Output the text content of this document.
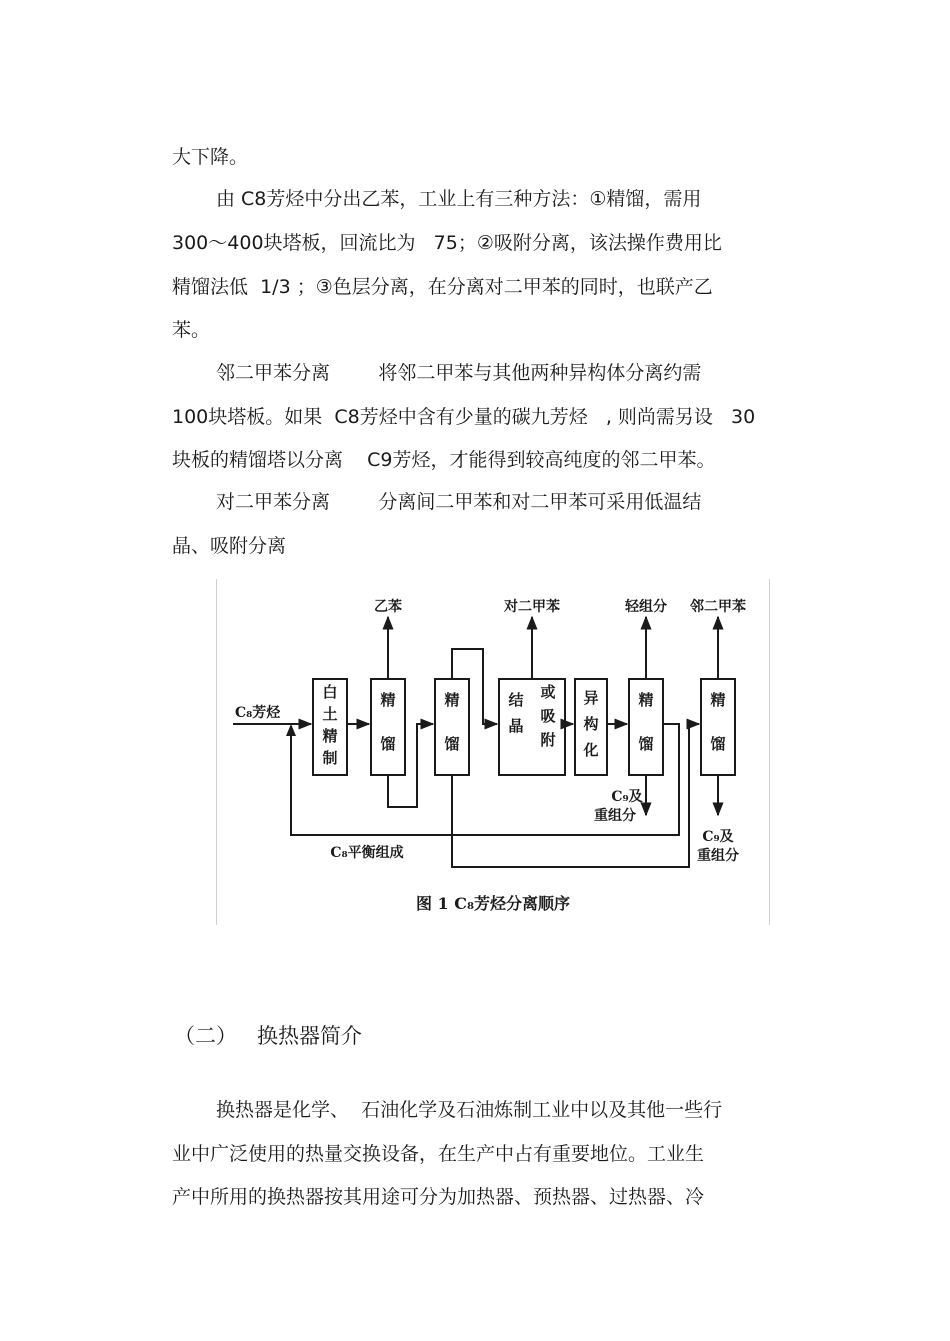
大下降。
由 C8芳烃中分出乙苯，工业上有三种方法：①精馏，需用
300～400块塔板，回流比为   75；②吸附分离，该法操作费用比
精馏法低  1/3 ；③色层分离，在分离对二甲苯的同时，也联产乙
苯。
邻二甲苯分离        将邻二甲苯与其他两种异构体分离约需
100块塔板。如果  C8芳烃中含有少量的碳九芳烃   , 则尚需另设   30
块板的精馏塔以分离    C9芳烃，才能得到较高纯度的邻二甲苯。
对二甲苯分离        分离间二甲苯和对二甲苯可采用低温结
晶、吸附分离
C₈芳烃
乙苯	对二甲苯	轻组分 邻二甲苯
C₉及
重组分
C₉及
重组分
C₈平衡组成
图 1 C₈芳烃分离顺序
白
土
精
制
精
馏
精
馏
异
构
化
精
馏
精
馏
结
晶
或
吸
附
（二）   换热器简介
换热器是化学、  石油化学及石油炼制工业中以及其他一些行
业中广泛使用的热量交换设备，在生产中占有重要地位。工业生
产中所用的换热器按其用途可分为加热器、预热器、过热器、冷
